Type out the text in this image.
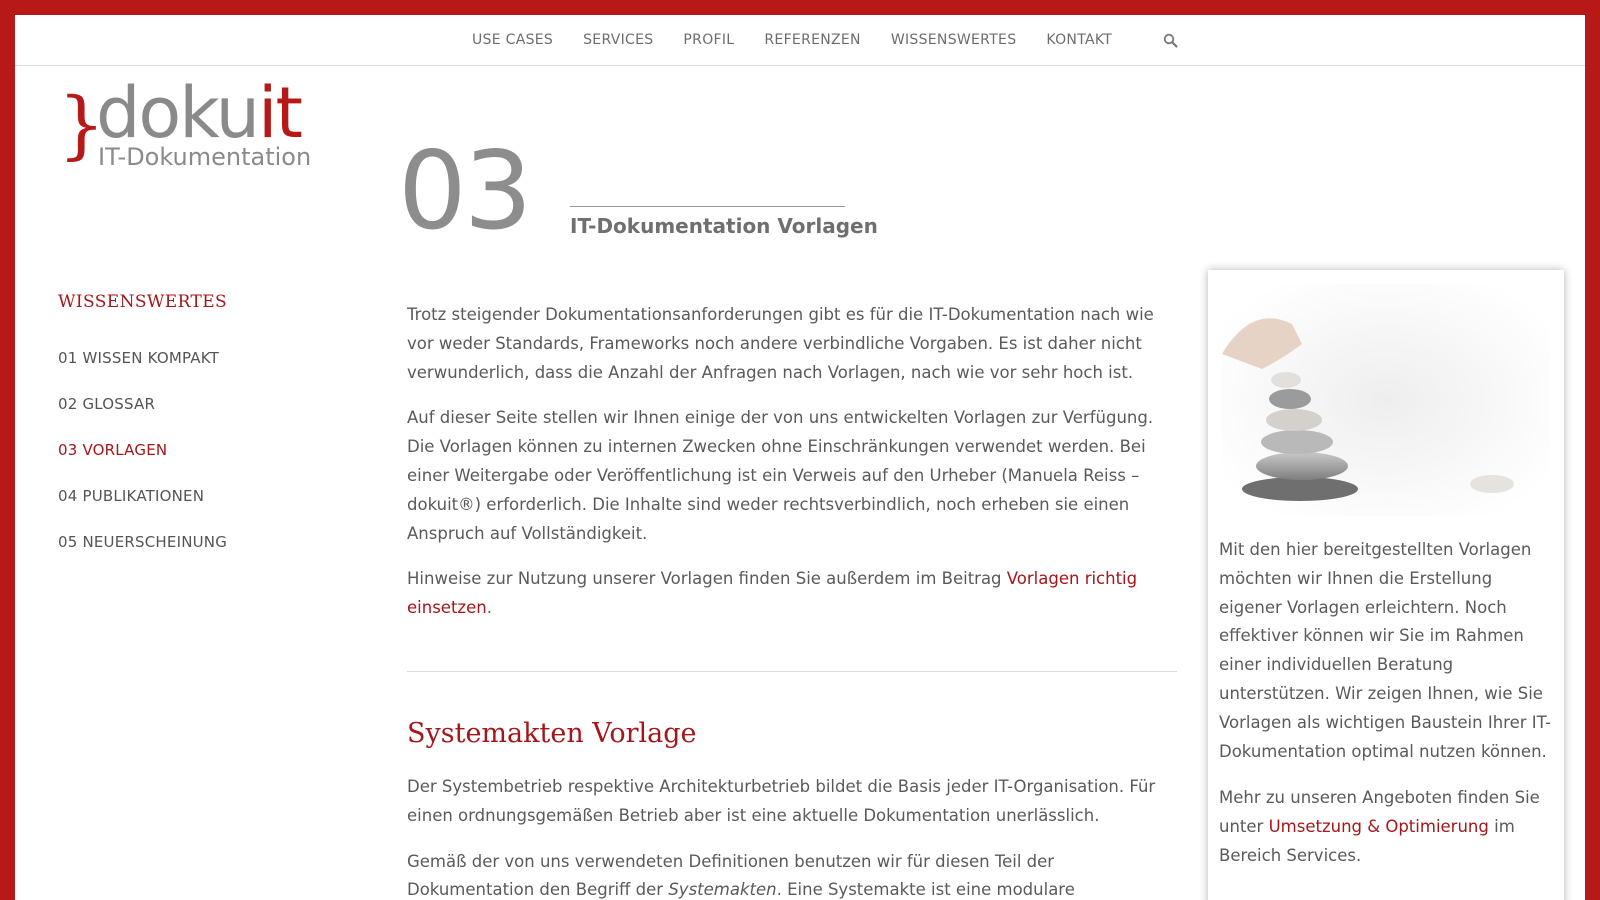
USE CASES SERVICES PROFIL REFERENZEN WISSENSWERTES KONTAKT
}
dokuit
IT-Dokumentation
WISSENSWERTES
01 WISSEN KOMPAKT
02 GLOSSAR
03 VORLAGEN
04 PUBLIKATIONEN
05 NEUERSCHEINUNG
03 IT-Dokumentation Vorlagen

Trotz steigender Dokumentationsanforderungen gibt es für die IT-Dokumentation nach wie vor weder Standards, Frameworks noch andere verbindliche Vorgaben. Es ist daher nicht verwunderlich, dass die Anzahl der Anfragen nach Vorlagen, nach wie vor sehr hoch ist.

Auf dieser Seite stellen wir Ihnen einige der von uns entwickelten Vorlagen zur Verfügung. Die Vorlagen können zu internen Zwecken ohne Einschränkungen verwendet werden. Bei einer Weitergabe oder Veröffentlichung ist ein Verweis auf den Urheber (Manuela Reiss – dokuit®) erforderlich. Die Inhalte sind weder rechtsverbindlich, noch erheben sie einen Anspruch auf Vollständigkeit.

Hinweise zur Nutzung unserer Vorlagen finden Sie außerdem im Beitrag Vorlagen richtig einsetzen.

Systemakten Vorlage

Der Systembetrieb respektive Architekturbetrieb bildet die Basis jeder IT-Organisation. Für einen ordnungsgemäßen Betrieb aber ist eine aktuelle Dokumentation unerlässlich.

Gemäß der von uns verwendeten Definitionen benutzen wir für diesen Teil der Dokumentation den Begriff der Systemakten. Eine Systemakte ist eine modulare

Mit den hier bereitgestellten Vorlagen möchten wir Ihnen die Erstellung eigener Vorlagen erleichtern. Noch effektiver können wir Sie im Rahmen einer individuellen Beratung unterstützen. Wir zeigen Ihnen, wie Sie Vorlagen als wichtigen Baustein Ihrer IT-Dokumentation optimal nutzen können.

Mehr zu unseren Angeboten finden Sie unter Umsetzung & Optimierung im Bereich Services.
